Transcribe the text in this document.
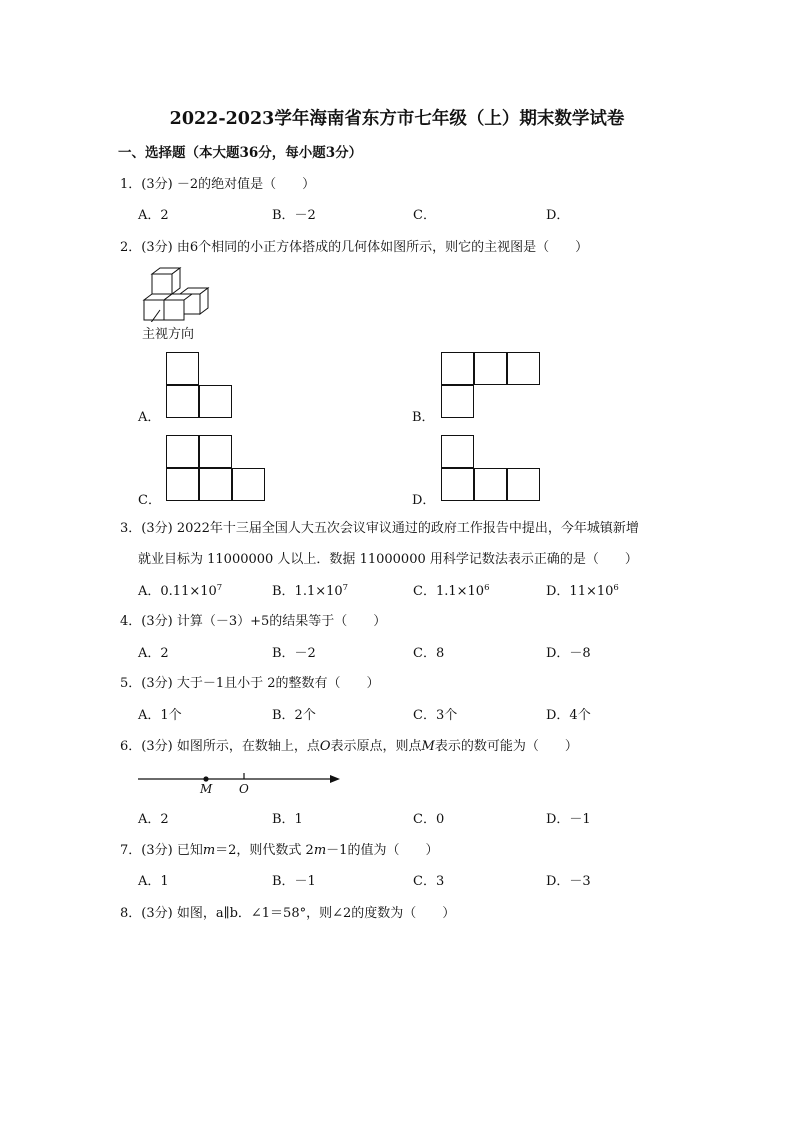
2022-2023学年海南省东方市七年级（上）期末数学试卷
一、选择题（本大题36分，每小题3分）
1．(3分) －2的绝对值是（　　）
A．2	B．－2	C．	D．
2．(3分) 由6个相同的小正方体搭成的几何体如图所示，则它的主视图是（　　）
主视方向
A．	B．
C．	D．
3．(3分) 2022年十三届全国人大五次会议审议通过的政府工作报告中提出，今年城镇新增
就业目标为 11000000 人以上．数据 11000000 用科学记数法表示正确的是（　　）
A．$0.11\times 10^7$	B．$1.1\times 10^7$	C．$1.1\times 10^6$	D．$11\times 10^6$
4．(3分) 计算（－3）+5的结果等于（　　）
A．2	B．－2	C．8	D．－8
5．(3分) 大于－1且小于 2的整数有（　　）
A．1个	B．2个	C．3个	D．4个
6．(3分) 如图所示，在数轴上，点O表示原点，则点M表示的数可能为（　　）
M O
A．2	B．1	C．0	D．－1
7．(3分) 已知m＝2，则代数式 2m－1的值为（　　）
A．1	B．－1	C．3	D．－3
8．(3分) 如图，a∥b．∠1＝58°，则∠2的度数为（　　）
